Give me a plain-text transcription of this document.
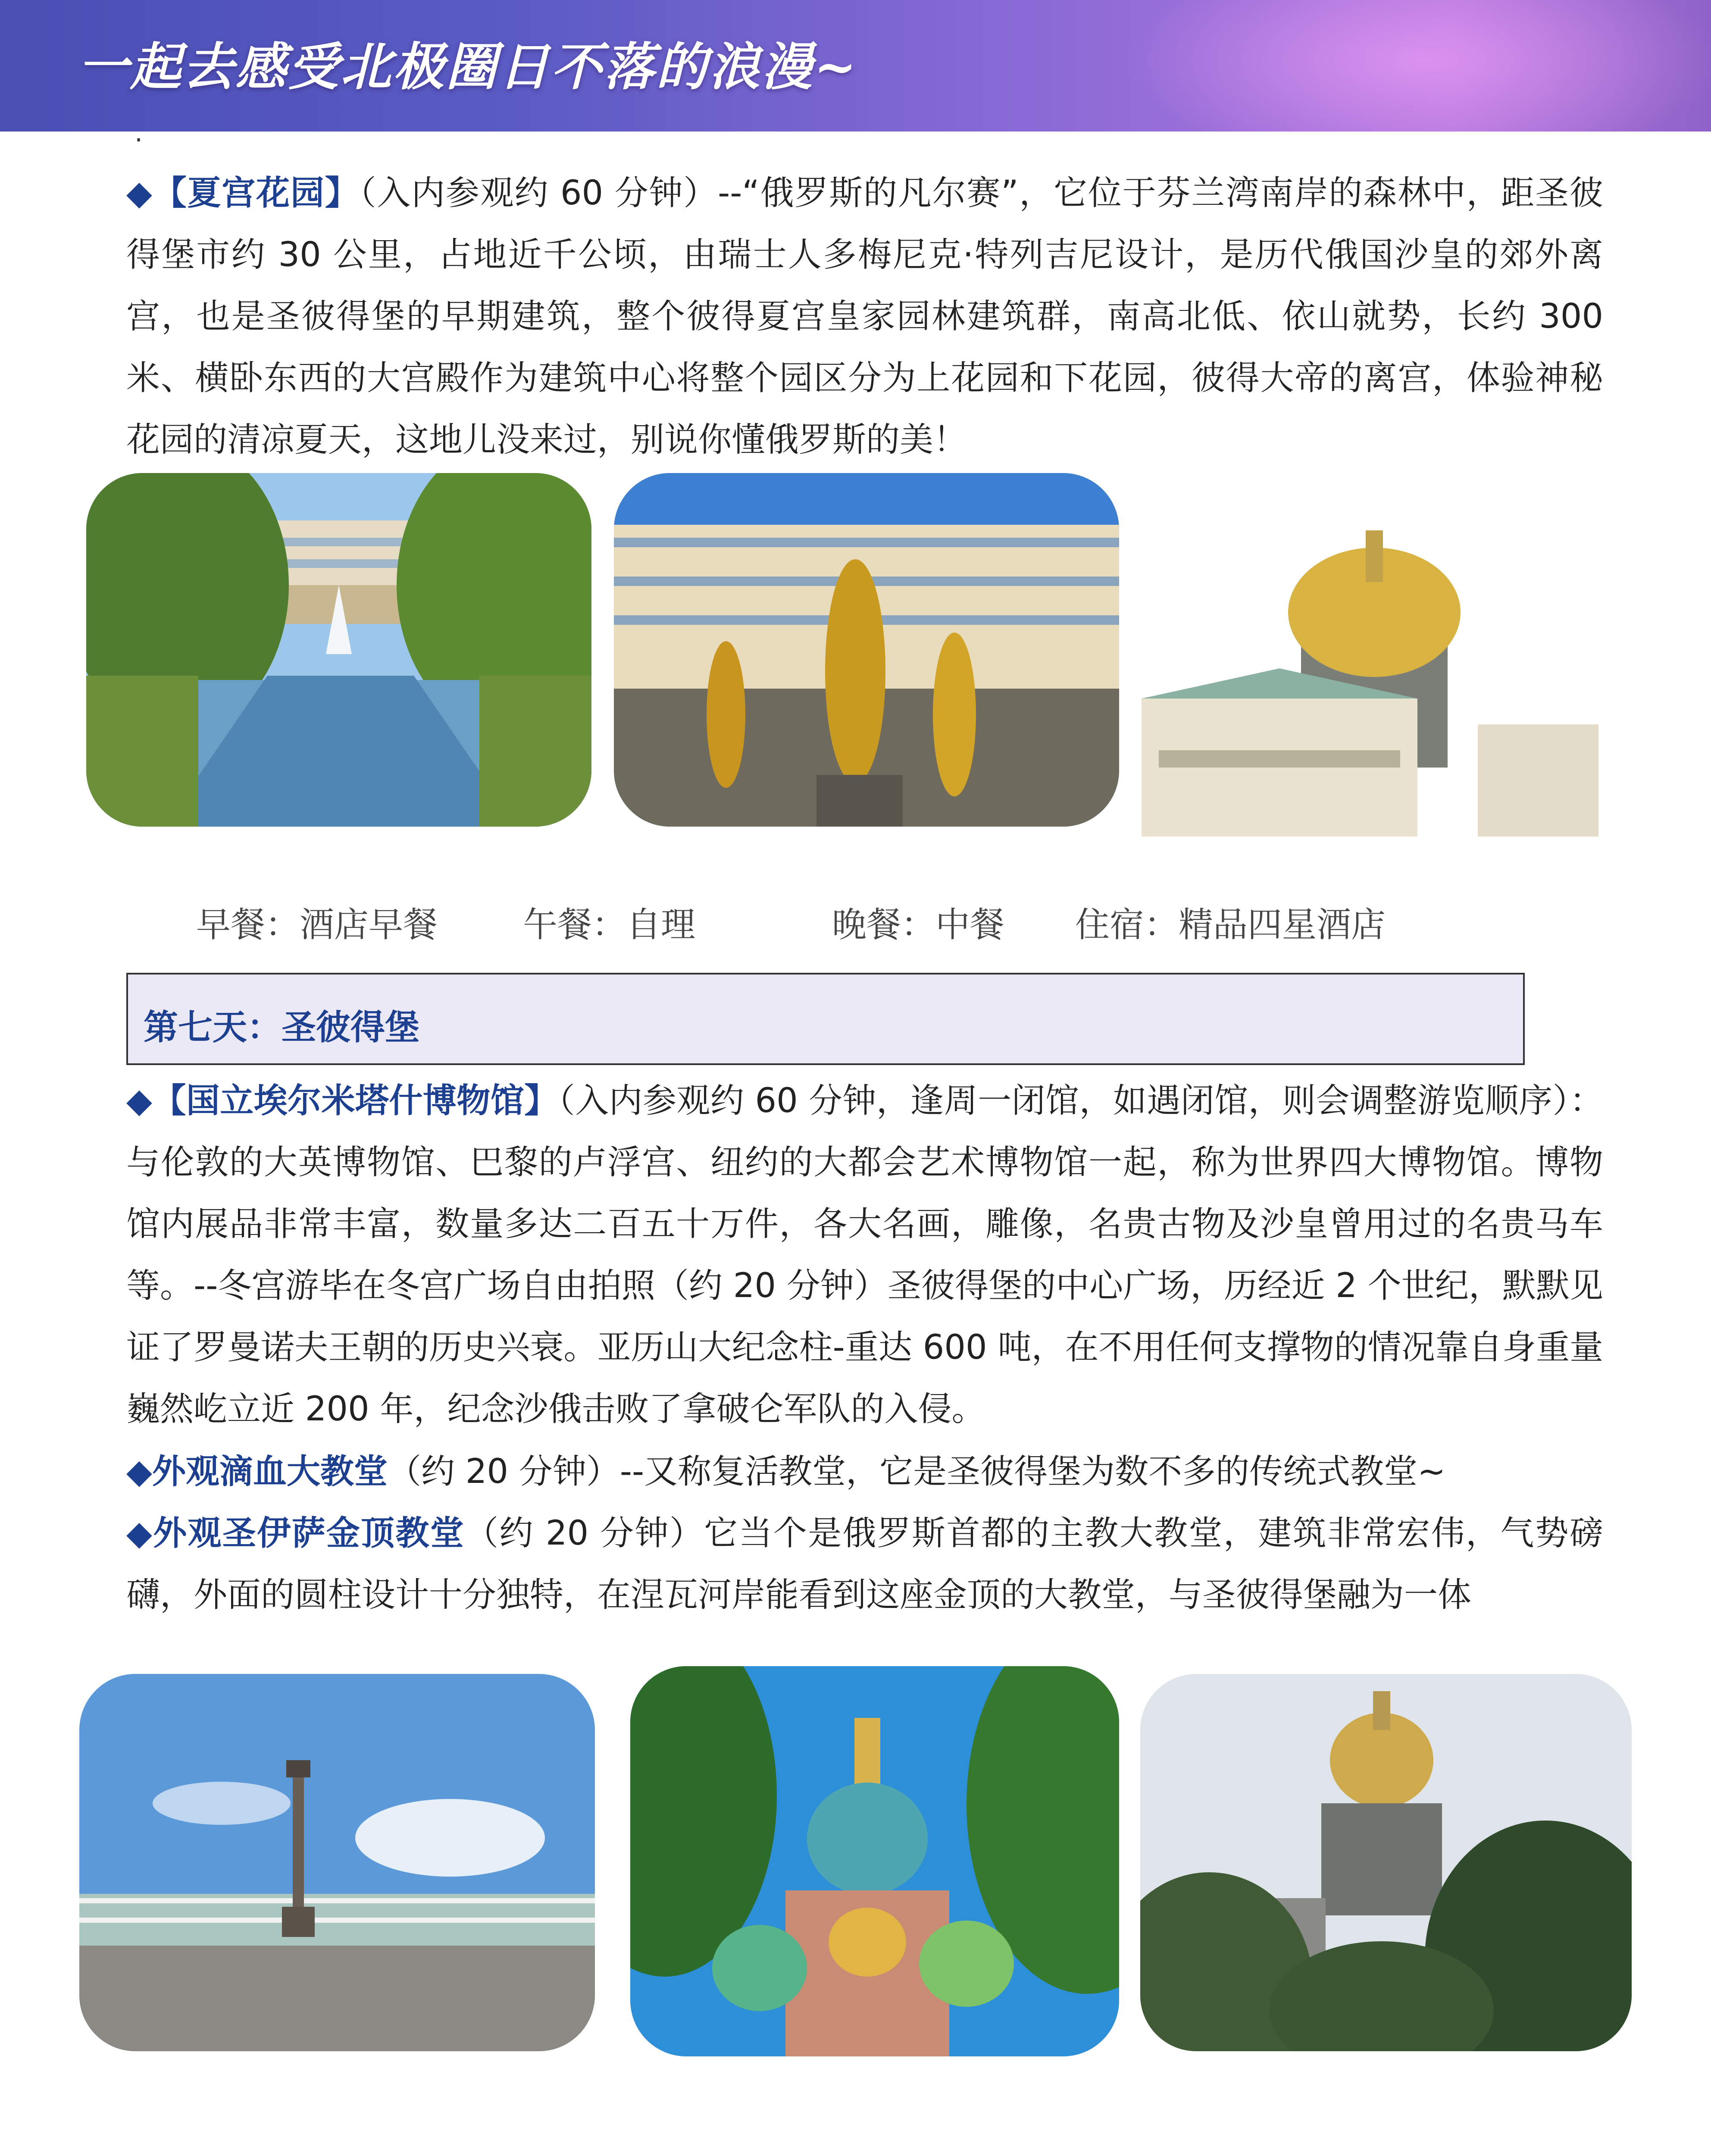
一起去感受北极圈日不落的浪漫~
·
◆【夏宫花园】（入内参观约 60 分钟）--“俄罗斯的凡尔赛”，它位于芬兰湾南岸的森林中，距圣彼得堡市约 30 公里，占地近千公顷，由瑞士人多梅尼克·特列吉尼设计，是历代俄国沙皇的郊外离宫，也是圣彼得堡的早期建筑，整个彼得夏宫皇家园林建筑群，南高北低、依山就势，长约 300 米、横卧东西的大宫殿作为建筑中心将整个园区分为上花园和下花园，彼得大帝的离宫，体验神秘花园的清凉夏天，这地儿没来过，别说你懂俄罗斯的美！
早餐：酒店早餐 午餐：自理	晚餐：中餐 住宿：精品四星酒店
第七天：圣彼得堡
◆【国立埃尔米塔什博物馆】（入内参观约 60 分钟，逢周一闭馆，如遇闭馆，则会调整游览顺序）：与伦敦的大英博物馆、巴黎的卢浮宫、纽约的大都会艺术博物馆一起，称为世界四大博物馆。博物馆内展品非常丰富，数量多达二百五十万件，各大名画，雕像，名贵古物及沙皇曾用过的名贵马车等。--冬宫游毕在冬宫广场自由拍照（约 20 分钟）圣彼得堡的中心广场，历经近 2 个世纪，默默见证了罗曼诺夫王朝的历史兴衰。亚历山大纪念柱-重达 600 吨，在不用任何支撑物的情况靠自身重量巍然屹立近 200 年，纪念沙俄击败了拿破仑军队的入侵。
◆外观滴血大教堂（约 20 分钟）--又称复活教堂，它是圣彼得堡为数不多的传统式教堂~
◆外观圣伊萨金顶教堂（约 20 分钟）它当个是俄罗斯首都的主教大教堂，建筑非常宏伟，气势磅礴，外面的圆柱设计十分独特，在涅瓦河岸能看到这座金顶的大教堂，与圣彼得堡融为一体
